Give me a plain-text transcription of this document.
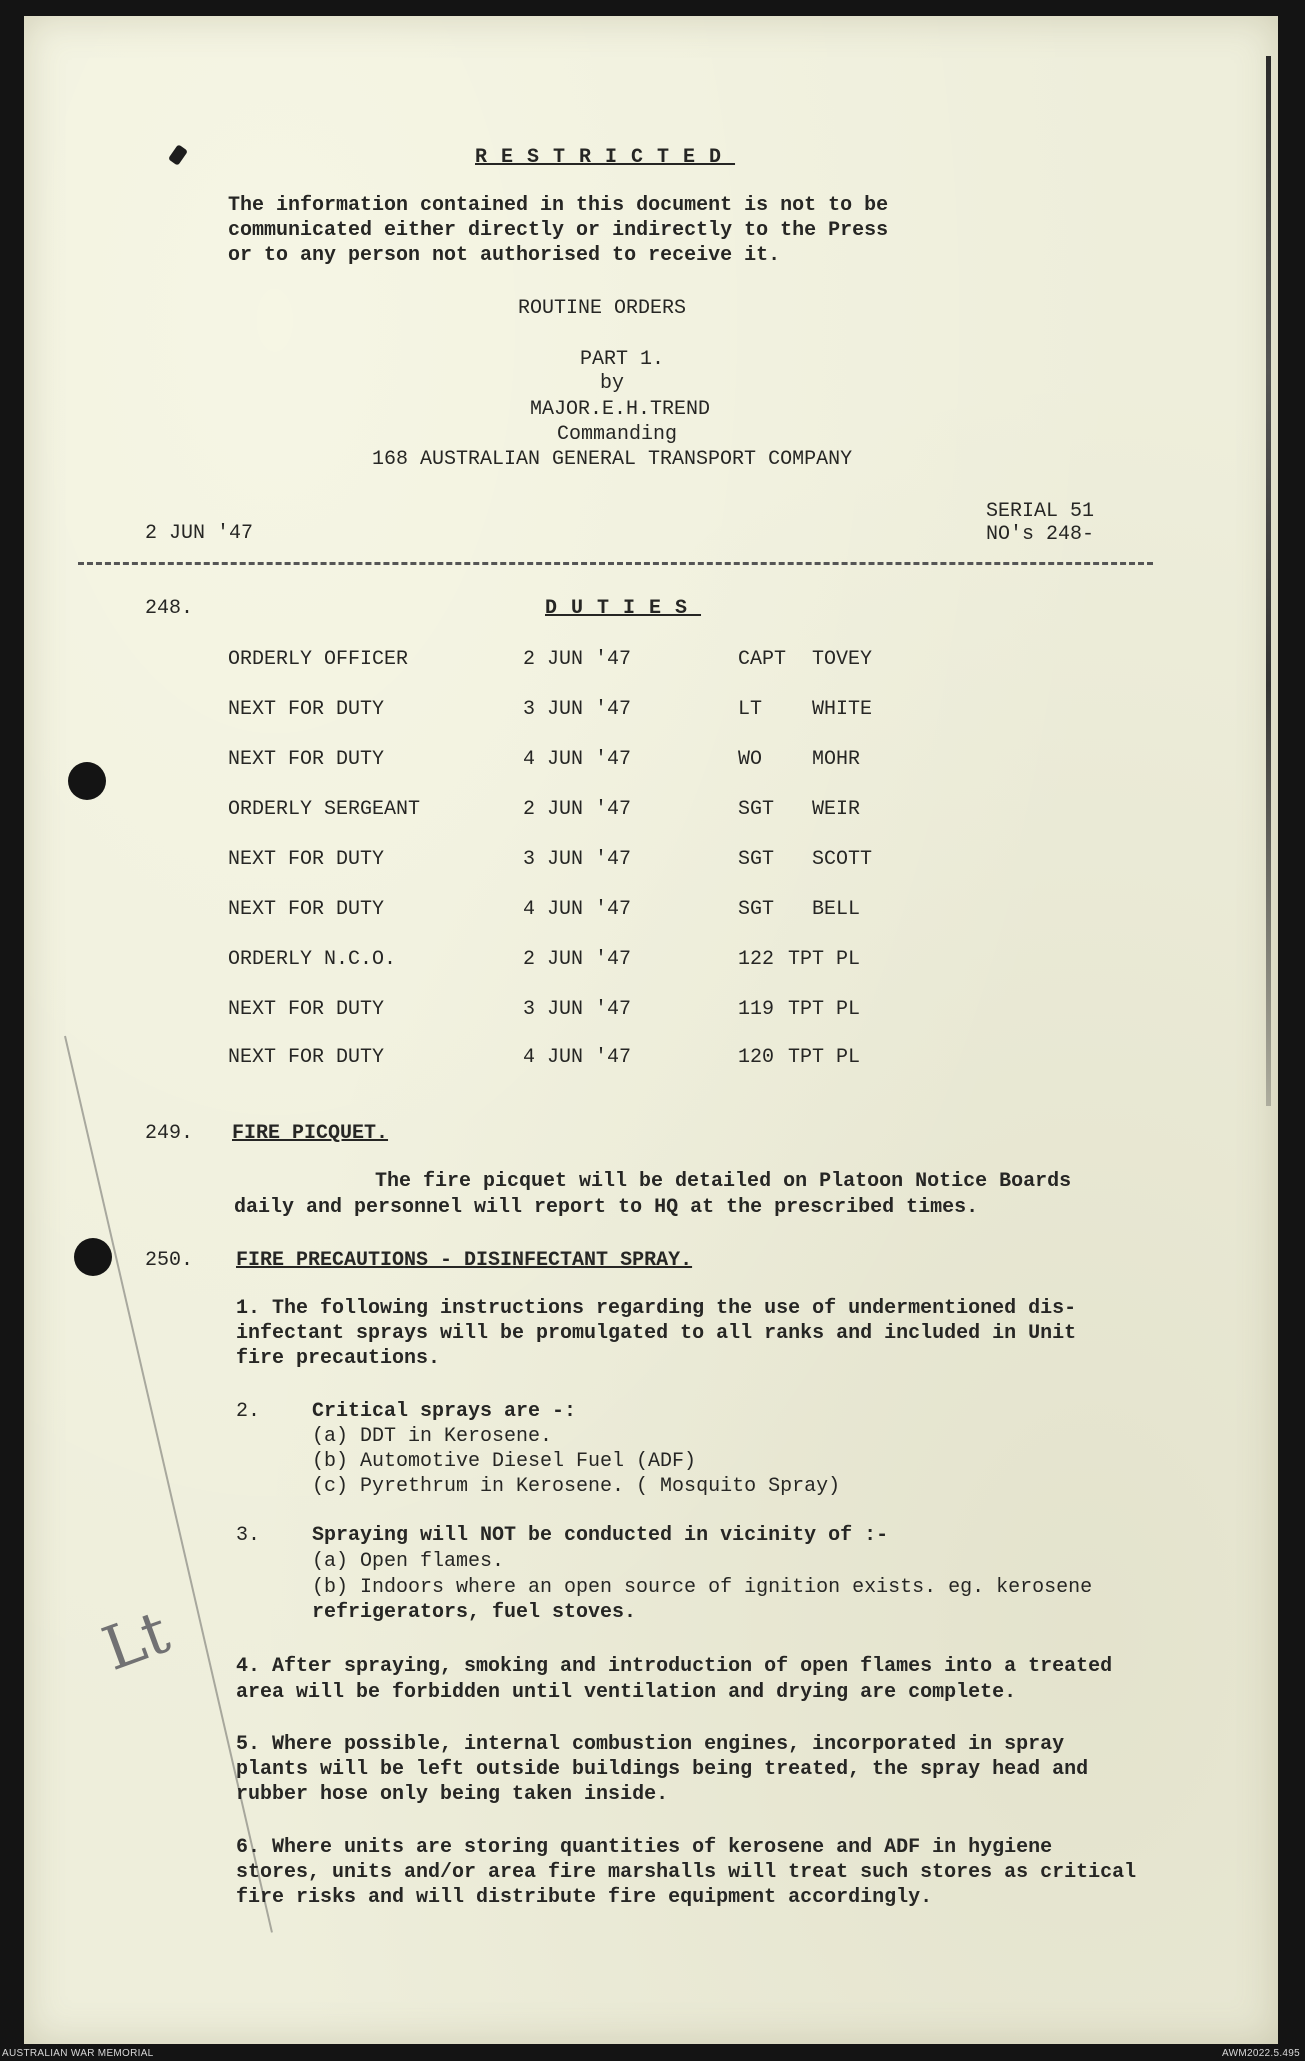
Lt
RESTRICTED
The information contained in this document is not to be
communicated either directly or indirectly to the Press
or to any person not authorised to receive it.
ROUTINE ORDERS
PART 1.
by
MAJOR.E.H.TREND
Commanding
168 AUSTRALIAN GENERAL TRANSPORT COMPANY
2 JUN '47
SERIAL 51
NO's 248-
248.	DUTIES
ORDERLY OFFICER	2 JUN '47	CAPT TOVEY
NEXT FOR DUTY	3 JUN '47	LT WHITE
NEXT FOR DUTY	4 JUN '47	WO MOHR
ORDERLY SERGEANT	2 JUN '47	SGT WEIR
NEXT FOR DUTY	3 JUN '47	SGT SCOTT
NEXT FOR DUTY	4 JUN '47	SGT BELL
ORDERLY N.C.O.	2 JUN '47	122 TPT PL
NEXT FOR DUTY	3 JUN '47	119 TPT PL
NEXT FOR DUTY	4 JUN '47	120 TPT PL
249. FIRE PICQUET.
The fire picquet will be detailed on Platoon Notice Boards
daily and personnel will report to HQ at the prescribed times.
250. FIRE PRECAUTIONS - DISINFECTANT SPRAY.
1. The following instructions regarding the use of undermentioned dis-
infectant sprays will be promulgated to all ranks and included in Unit
fire precautions.
2.	Critical sprays are -:
(a) DDT in Kerosene.
(b) Automotive Diesel Fuel (ADF)
(c) Pyrethrum in Kerosene. ( Mosquito Spray)
3.	Spraying will NOT be conducted in vicinity of :-
(a) Open flames.
(b) Indoors where an open source of ignition exists. eg. kerosene
refrigerators, fuel stoves.
4. After spraying, smoking and introduction of open flames into a treated
area will be forbidden until ventilation and drying are complete.
5. Where possible, internal combustion engines, incorporated in spray
plants will be left outside buildings being treated, the spray head and
rubber hose only being taken inside.
6. Where units are storing quantities of kerosene and ADF in hygiene
stores, units and/or area fire marshalls will treat such stores as critical
fire risks and will distribute fire equipment accordingly.
AUSTRALIAN WAR MEMORIAL	AWM2022.5.495
